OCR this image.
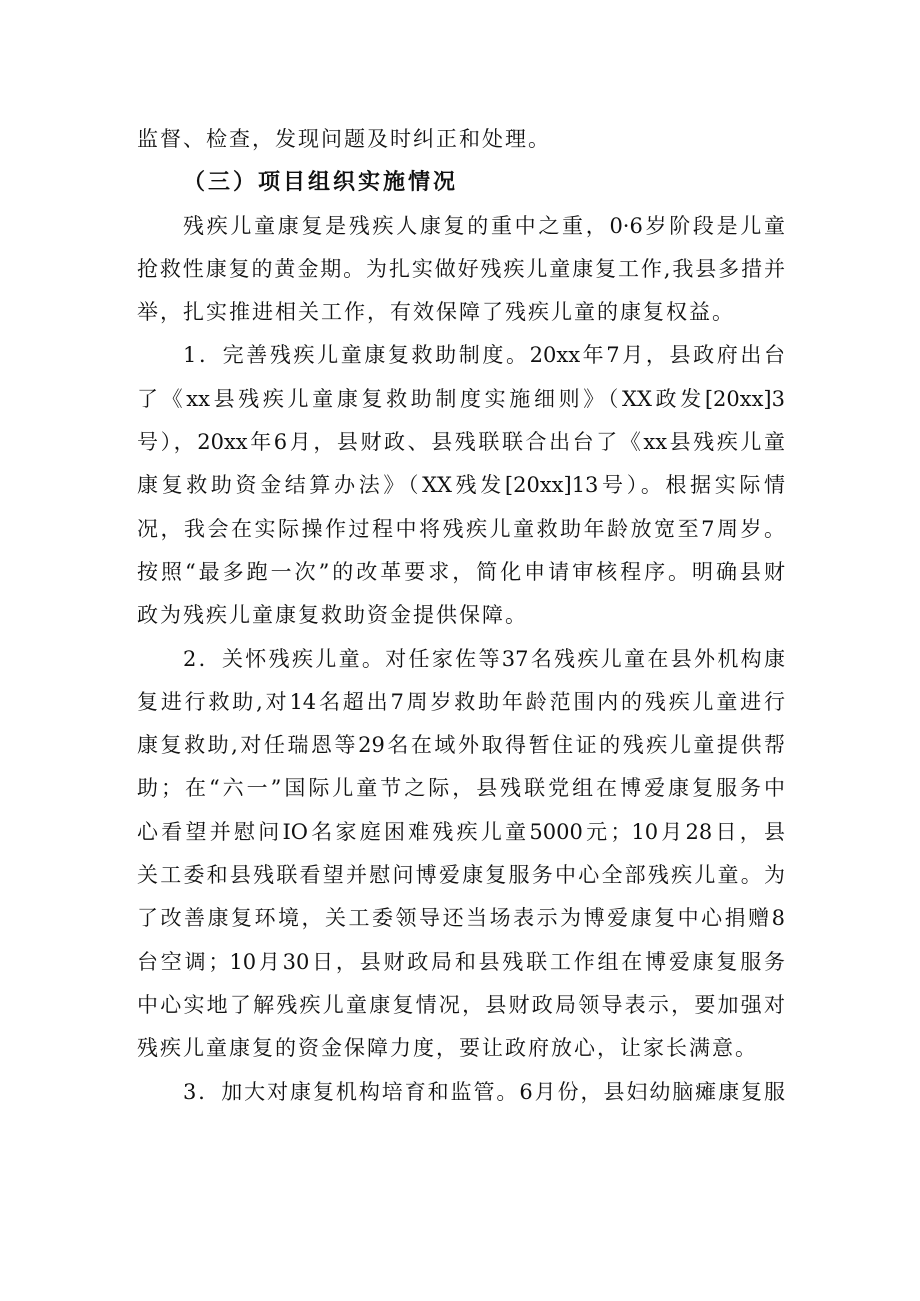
监督、检查，发现问题及时纠正和处理。
（三）项目组织实施情况
残疾儿童康复是残疾人康复的重中之重，0·6岁阶段是儿童
抢救性康复的黄金期。为扎实做好残疾儿童康复工作,我县多措并
举，扎实推进相关工作，有效保障了残疾儿童的康复权益。
1．完善残疾儿童康复救助制度。20xx年7月，县政府出台
了《xx县残疾儿童康复救助制度实施细则》（XX政发[20xx]3
号），20xx年6月，县财政、县残联联合出台了《xx县残疾儿童
康复救助资金结算办法》（XX残发[20xx]13号）。根据实际情
况，我会在实际操作过程中将残疾儿童救助年龄放宽至7周岁。
按照“最多跑一次”的改革要求，简化申请审核程序。明确县财
政为残疾儿童康复救助资金提供保障。
2．关怀残疾儿童。对任家佐等37名残疾儿童在县外机构康
复进行救助,对14名超出7周岁救助年龄范围内的残疾儿童进行
康复救助,对任瑞恩等29名在域外取得暂住证的残疾儿童提供帮
助；在“六一”国际儿童节之际，县残联党组在博爱康复服务中
心看望并慰问IO名家庭困难残疾儿童5000元；10月28日，县
关工委和县残联看望并慰问博爱康复服务中心全部残疾儿童。为
了改善康复环境，关工委领导还当场表示为博爱康复中心捐赠8
台空调；10月30日，县财政局和县残联工作组在博爱康复服务
中心实地了解残疾儿童康复情况，县财政局领导表示，要加强对
残疾儿童康复的资金保障力度，要让政府放心，让家长满意。
3．加大对康复机构培育和监管。6月份，县妇幼脑瘫康复服
